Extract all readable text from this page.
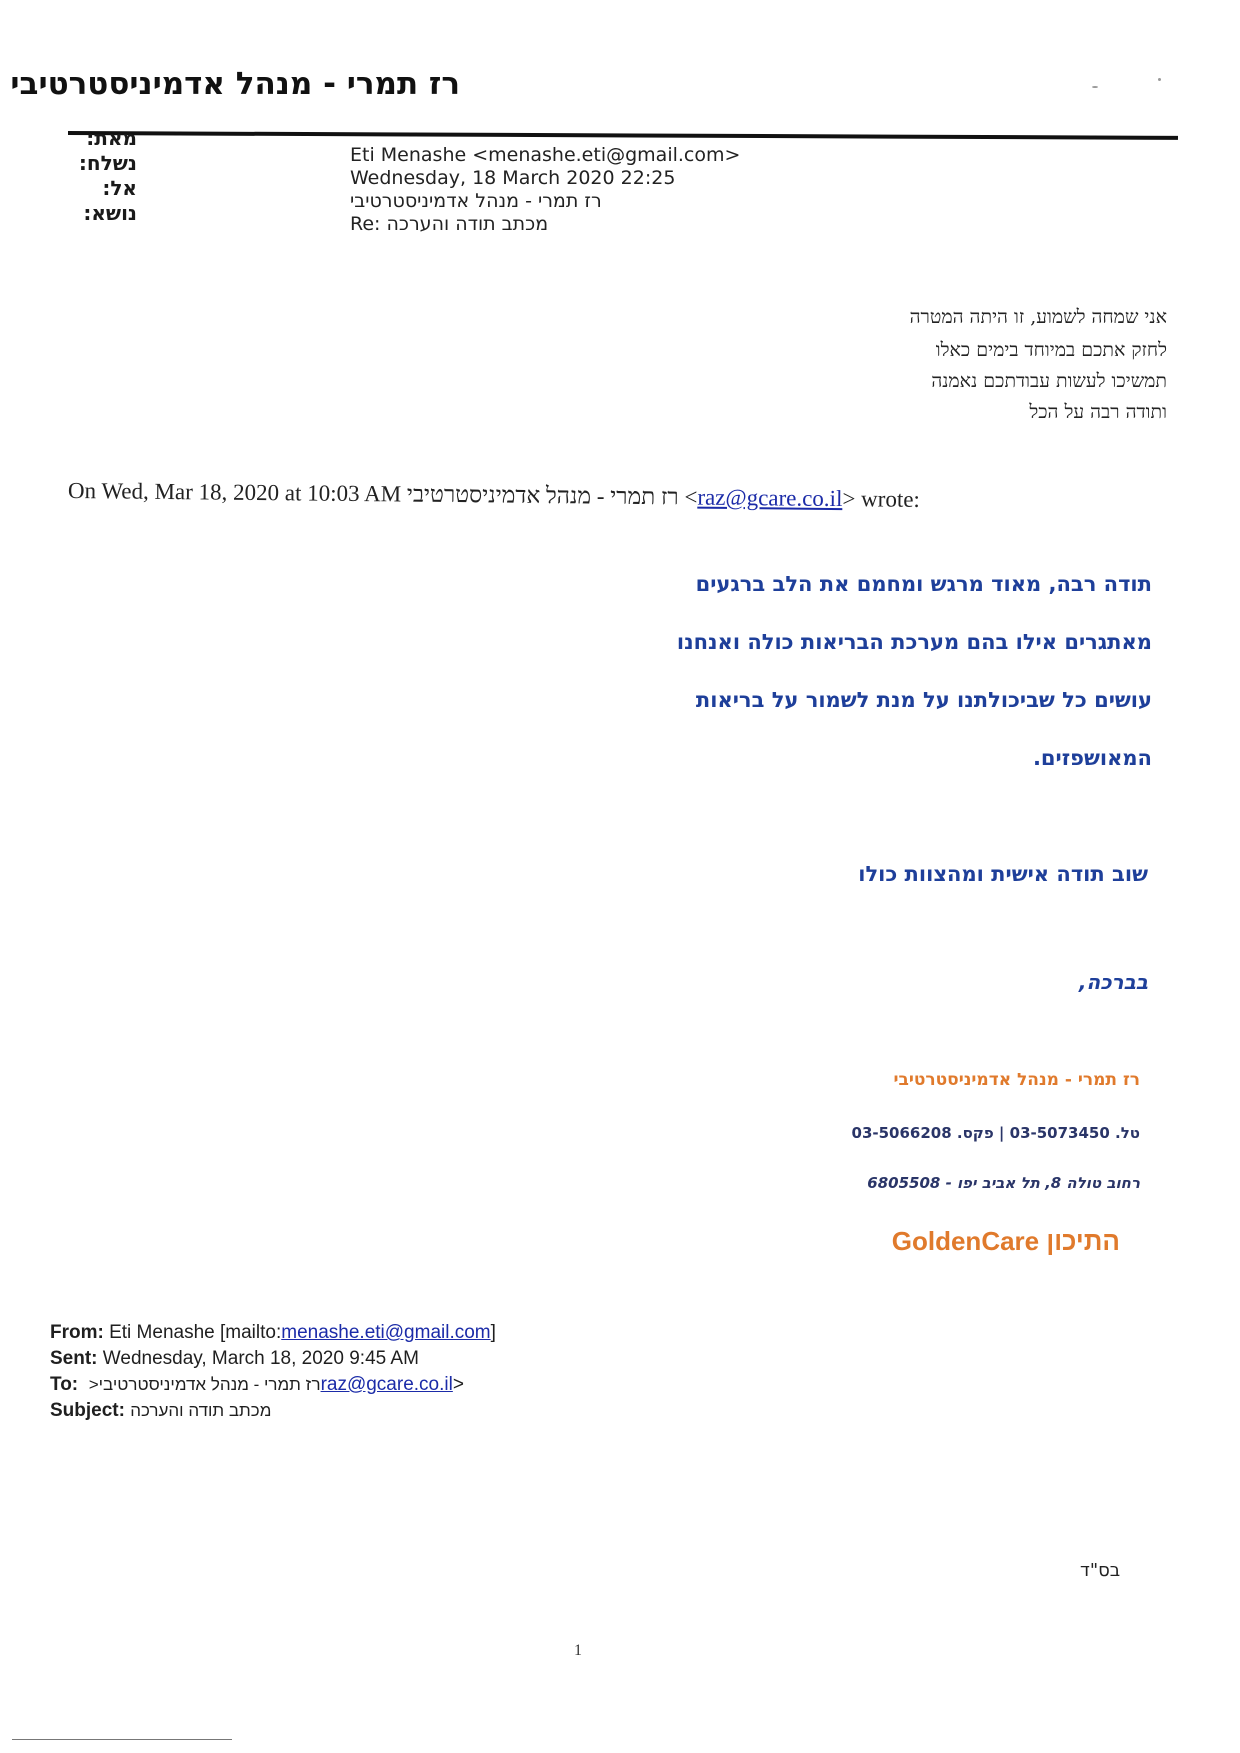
רז תמרי - מנהל אדמיניסטרטיבי
מאת:
נשלח:
אל:
נושא:
Eti Menashe <menashe.eti@gmail.com>
Wednesday, 18 March 2020 22:25
רז תמרי - מנהל אדמיניסטרטיבי
Re: מכתב תודה והערכה
אני שמחה לשמוע, זו היתה המטרה
לחזק אתכם במיוחד בימים כאלו
תמשיכו לעשות עבודתכם נאמנה
ותודה רבה על הכל
On Wed, Mar 18, 2020 at 10:03 AM רז תמרי - מנהל אדמיניסטרטיבי <raz@gcare.co.il> wrote:
תודה רבה, מאוד מרגש ומחמם את הלב ברגעים
מאתגרים אילו בהם מערכת הבריאות כולה ואנחנו
עושים כל שביכולתנו על מנת לשמור על בריאות
המאושפזים.
שוב תודה אישית ומהצוות כולו
בברכה,
רז תמרי - מנהל אדמיניסטרטיבי
טל. 03-5073450 | פקס. 03-5066208
רחוב טולה 8, תל אביב יפו - 6805508
GoldenCare התיכון
From: Eti Menashe [mailto:menashe.eti@gmail.com]
Sent: Wednesday, March 18, 2020 9:45 AM
To: רז תמרי - מנהל אדמיניסטרטיבי<raz@gcare.co.il>
Subject: מכתב תודה והערכה
בס"ד
1
